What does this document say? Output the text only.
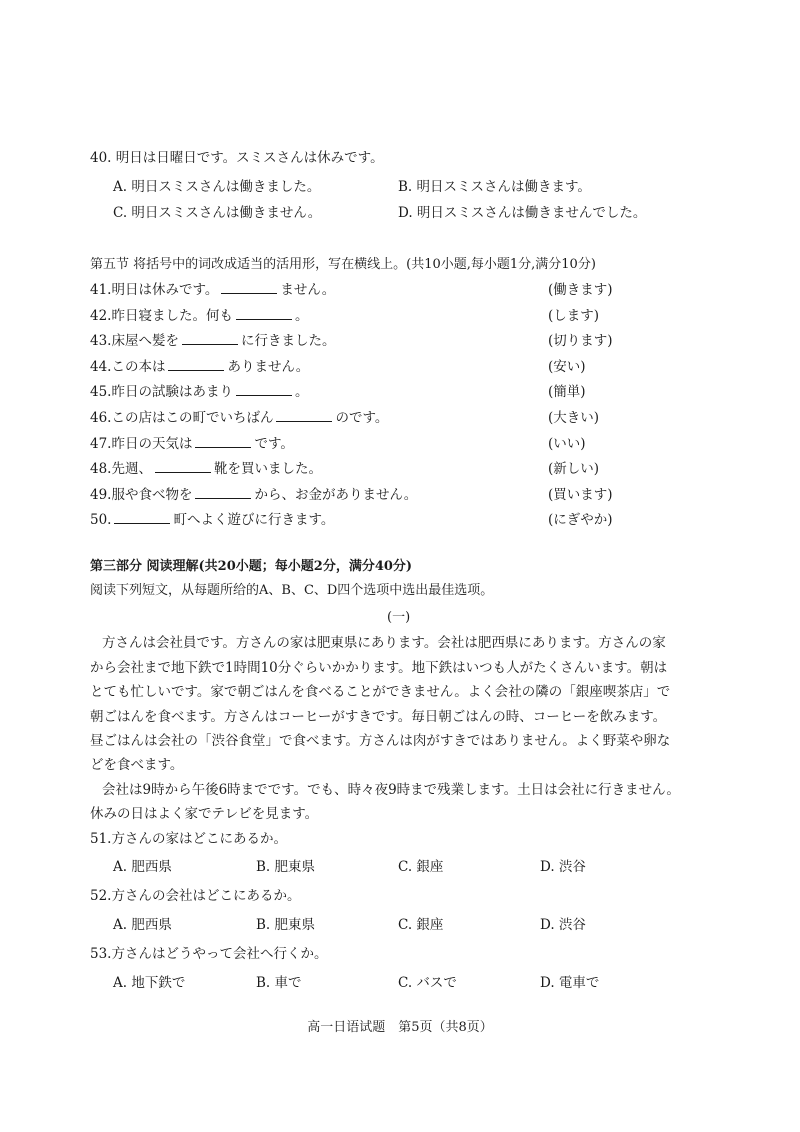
40. 明日は日曜日です。スミスさんは休みです。
A. 明日スミスさんは働きました。	B. 明日スミスさんは働きます。
C. 明日スミスさんは働きません。	D. 明日スミスさんは働きませんでした。
第五节 将括号中的词改成适当的活用形，写在横线上。(共10小题,每小题1分,满分10分)
41.明日は休みです。	ません。	(働きます)
42.昨日寝ました。何も	。	(します)
43.床屋へ髪を	に行きました。	(切ります)
44.この本は	ありません。	(安い)
45.昨日の試験はあまり	。	(簡単)
46.この店はこの町でいちばん	のです。	(大きい)
47.昨日の天気は	です。	(いい)
48.先週、	靴を買いました。	(新しい)
49.服や食べ物を	から、お金がありません。	(買います)
50.	町へよく遊びに行きます。	(にぎやか)
第三部分 阅读理解(共20小题；每小题2分，满分40分)
阅读下列短文，从每题所给的A、B、C、D四个选项中选出最佳选项。
(一)
方さんは会社員です。方さんの家は肥東県にあります。会社は肥西県にあります。方さんの家
から会社まで地下鉄で1時間10分ぐらいかかります。地下鉄はいつも人がたくさんいます。朝は
とても忙しいです。家で朝ごはんを食べることができません。よく会社の隣の「銀座喫茶店」で
朝ごはんを食べます。方さんはコーヒーがすきです。毎日朝ごはんの時、コーヒーを飲みます。
昼ごはんは会社の「渋谷食堂」で食べます。方さんは肉がすきではありません。よく野菜や卵な
どを食べます。
会社は9時から午後6時までです。でも、時々夜9時まで残業します。土日は会社に行きません。
休みの日はよく家でテレビを見ます。
51.方さんの家はどこにあるか。
A. 肥西県	B. 肥東県	C. 銀座	D. 渋谷
52.方さんの会社はどこにあるか。
A. 肥西県	B. 肥東県	C. 銀座	D. 渋谷
53.方さんはどうやって会社へ行くか。
A. 地下鉄で	B. 車で	C. バスで	D. 電車で
高一日语试题　第5页（共8页）
